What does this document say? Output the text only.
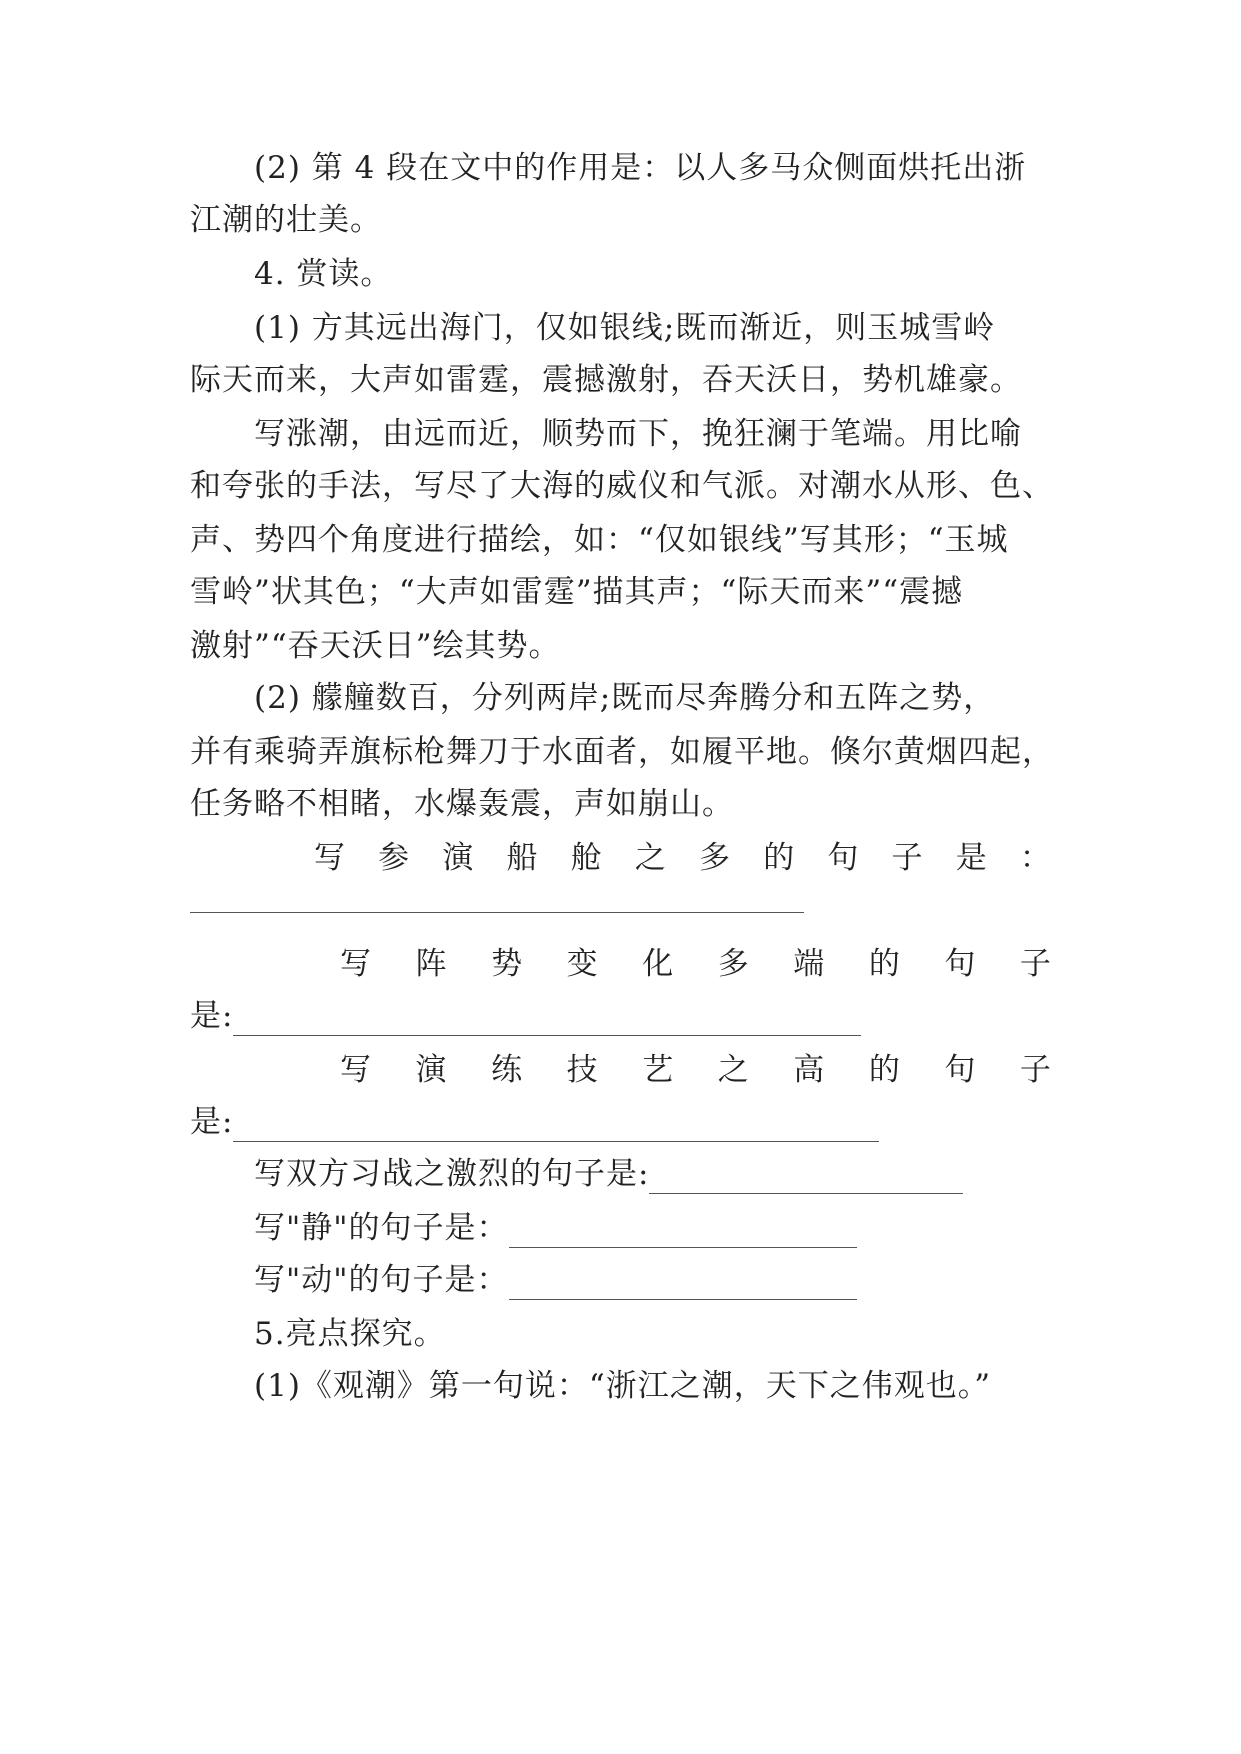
(2) 第 4 段在文中的作用是：以人多马众侧面烘托出浙
江潮的壮美。
4. 赏读。
(1) 方其远出海门，仅如银线;既而渐近，则玉城雪岭
际天而来，大声如雷霆，震撼激射，吞天沃日，势机雄豪。
写涨潮，由远而近，顺势而下，挽狂澜于笔端。用比喻
和夸张的手法，写尽了大海的威仪和气派。对潮水从形、色、
声、势四个角度进行描绘，如：“仅如银线”写其形；“玉城
雪岭”状其色；“大声如雷霆”描其声；“际天而来”“震撼
激射”“吞天沃日”绘其势。
(2) 艨艟数百，分列两岸;既而尽奔腾分和五阵之势，
并有乘骑弄旗标枪舞刀于水面者，如履平地。倏尔黄烟四起，
任务略不相睹，水爆轰震，声如崩山。
写 参 演 船 舱 之 多 的 句 子 是 ：
写 阵 势 变 化 多 端 的 句 子
是:
写 演 练 技 艺 之 高 的 句 子
是:
写双方习战之激烈的句子是:
写"静"的句子是：
写"动"的句子是：
5.亮点探究。
(1)《观潮》第一句说：“浙江之潮，天下之伟观也。”
